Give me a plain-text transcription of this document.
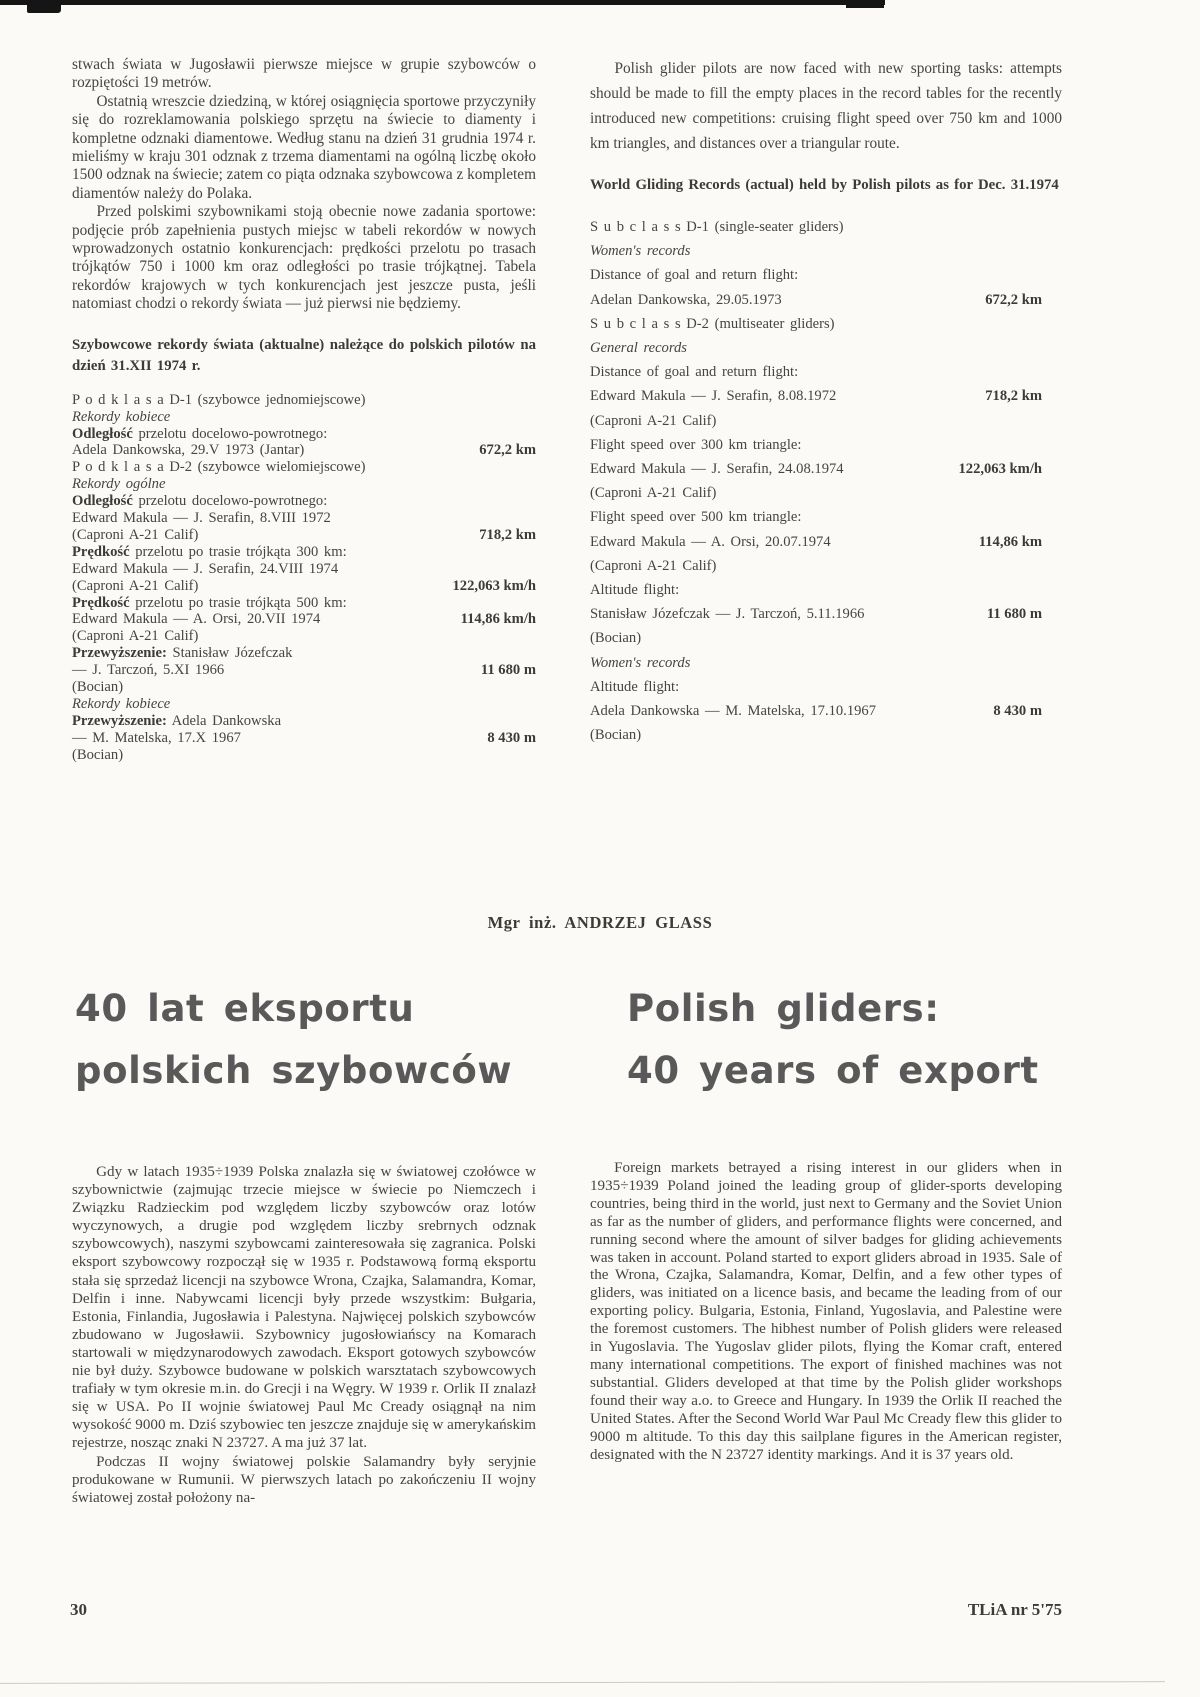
stwach świata w Jugosławii pierwsze miejsce w grupie szybowców o rozpiętości 19 metrów.

Ostatnią wreszcie dziedziną, w której osiągnięcia sportowe przyczyniły się do rozreklamowania polskiego sprzętu na świecie to diamenty i kompletne odznaki diamentowe. Według stanu na dzień 31 grudnia 1974 r. mieliśmy w kraju 301 odznak z trzema diamentami na ogólną liczbę około 1500 odznak na świecie; zatem co piąta odznaka szybowcowa z kompletem diamentów należy do Polaka.

Przed polskimi szybownikami stoją obecnie nowe zadania sportowe: podjęcie prób zapełnienia pustych miejsc w tabeli rekordów w nowych wprowadzonych ostatnio konkurencjach: prędkości przelotu po trasach trójkątów 750 i 1000 km oraz odległości po trasie trójkątnej. Tabela rekordów krajowych w tych konkurencjach jest jeszcze pusta, jeśli natomiast chodzi o rekordy świata — już pierwsi nie będziemy.

Szybowcowe rekordy świata (aktualne) należące do polskich pilotów na dzień 31.XII 1974 r.
P o d k l a s a D-1 (szybowce jednomiejscowe)
Rekordy kobiece
Odległość przelotu docelowo-powrotnego:
Adela Dankowska, 29.V 1973 (Jantar)	672,2 km
P o d k l a s a D-2 (szybowce wielomiejscowe)
Rekordy ogólne
Odległość przelotu docelowo-powrotnego:
Edward Makula — J. Serafin, 8.VIII 1972
(Caproni A-21 Calif)	718,2 km
Prędkość przelotu po trasie trójkąta 300 km:
Edward Makula — J. Serafin, 24.VIII 1974
(Caproni A-21 Calif)	122,063 km/h
Prędkość przelotu po trasie trójkąta 500 km:
Edward Makula — A. Orsi, 20.VII 1974	114,86 km/h
(Caproni A-21 Calif)
Przewyższenie: Stanisław Józefczak
— J. Tarczoń, 5.XI 1966	11 680 m
(Bocian)
Rekordy kobiece
Przewyższenie: Adela Dankowska
— M. Matelska, 17.X 1967	8 430 m
(Bocian)

Polish glider pilots are now faced with new sporting tasks: attempts should be made to fill the empty places in the record tables for the recently introduced new competitions: cruising flight speed over 750 km and 1000 km triangles, and distances over a triangular route.

World Gliding Records (actual) held by Polish pilots as for Dec. 31.1974
S u b c l a s s D-1 (single-seater gliders)
Women's records
Distance of goal and return flight:
Adelan Dankowska, 29.05.1973	672,2 km
S u b c l a s s D-2 (multiseater gliders)
General records
Distance of goal and return flight:
Edward Makula — J. Serafin, 8.08.1972	718,2 km
(Caproni A-21 Calif)
Flight speed over 300 km triangle:
Edward Makula — J. Serafin, 24.08.1974	122,063 km/h
(Caproni A-21 Calif)
Flight speed over 500 km triangle:
Edward Makula — A. Orsi, 20.07.1974	114,86 km
(Caproni A-21 Calif)
Altitude flight:
Stanisław Józefczak — J. Tarczoń, 5.11.1966	11 680 m
(Bocian)
Women's records
Altitude flight:
Adela Dankowska — M. Matelska, 17.10.1967	8 430 m
(Bocian)
Mgr inż. ANDRZEJ GLASS
40 lat eksportu
polskich szybowców
Polish gliders:
40 years of export

Gdy w latach 1935÷1939 Polska znalazła się w światowej czołówce w szybownictwie (zajmując trzecie miejsce w świecie po Niemczech i Związku Radzieckim pod względem liczby szybowców oraz lotów wyczynowych, a drugie pod względem liczby srebrnych odznak szybowcowych), naszymi szybowcami zainteresowała się zagranica. Polski eksport szybowcowy rozpoczął się w 1935 r. Podstawową formą eksportu stała się sprzedaż licencji na szybowce Wrona, Czajka, Salamandra, Komar, Delfin i inne. Nabywcami licencji były przede wszystkim: Bułgaria, Estonia, Finlandia, Jugosławia i Palestyna. Najwięcej polskich szybowców zbudowano w Jugosławii. Szybownicy jugosłowiańscy na Komarach startowali w międzynarodowych zawodach. Eksport gotowych szybowców nie był duży. Szybowce budowane w polskich warsztatach szybowcowych trafiały w tym okresie m.in. do Grecji i na Węgry. W 1939 r. Orlik II znalazł się w USA. Po II wojnie światowej Paul Mc Cready osiągnął na nim wysokość 9000 m. Dziś szybowiec ten jeszcze znajduje się w amerykańskim rejestrze, nosząc znaki N 23727. A ma już 37 lat.

Podczas II wojny światowej polskie Salamandry były seryjnie produkowane w Rumunii. W pierwszych latach po zakończeniu II wojny światowej został położony na-

Foreign markets betrayed a rising interest in our gliders when in 1935÷1939 Poland joined the leading group of glider-sports developing countries, being third in the world, just next to Germany and the Soviet Union as far as the number of gliders, and performance flights were concerned, and running second where the amount of silver badges for gliding achievements was taken in account. Poland started to export gliders abroad in 1935. Sale of the Wrona, Czajka, Salamandra, Komar, Delfin, and a few other types of gliders, was initiated on a licence basis, and became the leading from of our exporting policy. Bulgaria, Estonia, Finland, Yugoslavia, and Palestine were the foremost customers. The hibhest number of Polish gliders were released in Yugoslavia. The Yugoslav glider pilots, flying the Komar craft, entered many international competitions. The export of finished machines was not substantial. Gliders developed at that time by the Polish glider workshops found their way a.o. to Greece and Hungary. In 1939 the Orlik II reached the United States. After the Second World War Paul Mc Cready flew this glider to 9000 m altitude. To this day this sailplane figures in the American register, designated with the N 23727 identity markings. And it is 37 years old.

30	TLiA nr 5'75
